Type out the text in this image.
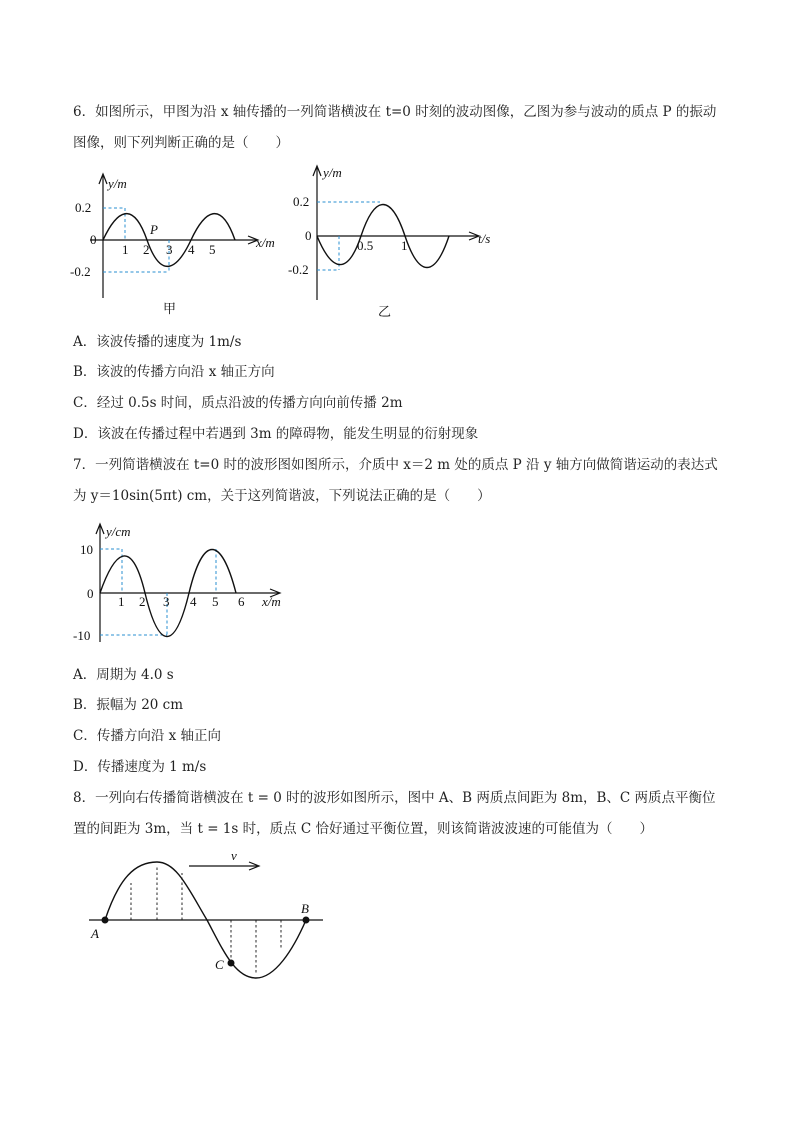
6．如图所示，甲图为沿 x 轴传播的一列简谐横波在 t=0 时刻的波动图像，乙图为参与波动的质点 P 的振动
图像，则下列判断正确的是（　　）
y/m
0.2
0
-0.2
1 2 3 4 5
P
x/m
甲
y/m
0.2
0
-0.2
0.5 1	t/s
乙
A．该波传播的速度为 1m/s
B．该波的传播方向沿 x 轴正方向
C．经过 0.5s 时间，质点沿波的传播方向向前传播 2m
D．该波在传播过程中若遇到 3m 的障碍物，能发生明显的衍射现象
7．一列简谐横波在 t=0 时的波形图如图所示，介质中 x＝2 m 处的质点 P 沿 y 轴方向做简谐运动的表达式
为 y＝10sin(5πt) cm，关于这列简谐波，下列说法正确的是（　　）
y/cm
10
0
-10
1 2 3 4 5 6 x/m
A．周期为 4.0 s
B．振幅为 20 cm
C．传播方向沿 x 轴正向
D．传播速度为 1 m/s
8．一列向右传播简谐横波在 t = 0 时的波形如图所示，图中 A、B 两质点间距为 8m，B、C 两质点平衡位
置的间距为 3m，当 t = 1s 时，质点 C 恰好通过平衡位置，则该简谐波波速的可能值为（　　）
v
A
B
C
